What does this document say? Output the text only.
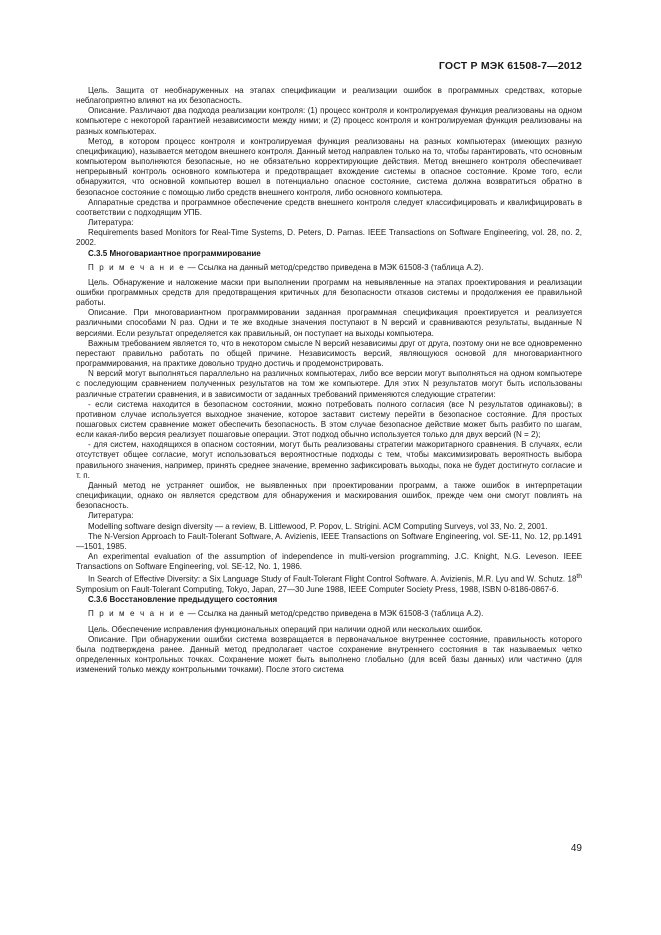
ГОСТ Р МЭК 61508-7—2012

Цель. Защита от необнаруженных на этапах спецификации и реализации ошибок в программных средствах, которые неблагоприятно влияют на их безопасность.

Описание. Различают два подхода реализации контроля: (1) процесс контроля и контролируемая функция реализованы на одном компьютере с некоторой гарантией независимости между ними; и (2) процесс контроля и контролируемая функция реализованы на разных компьютерах.

Метод, в котором процесс контроля и контролируемая функция реализованы на разных компьютерах (имеющих разную спецификацию), называется методом внешнего контроля. Данный метод направлен только на то, чтобы гарантировать, что основным компьютером выполняются безопасные, но не обязательно корректирующие действия. Метод внешнего контроля обеспечивает непрерывный контроль основного компьютера и предотвращает вхождение системы в опасное состояние. Кроме того, если обнаружится, что основной компьютер вошел в потенциально опасное состояние, система должна возвратиться обратно в безопасное состояние с помощью либо средств внешнего контроля, либо основного компьютера.

Аппаратные средства и программное обеспечение средств внешнего контроля следует классифицировать и квалифицировать в соответствии с подходящим УПБ.

Литература:

Requirements based Monitors for Real-Time Systems, D. Peters, D. Parnas. IEEE Transactions on Software Engineering, vol. 28, no. 2, 2002.

C.3.5 Многовариантное программирование

П р и м е ч а н и е — Ссылка на данный метод/средство приведена в МЭК 61508-3 (таблица А.2).

Цель. Обнаружение и наложение маски при выполнении программ на невыявленные на этапах проектирования и реализации ошибки программных средств для предотвращения критичных для безопасности отказов системы и продолжения ее правильной работы.

Описание. При многовариантном программировании заданная программная спецификация проектируется и реализуется различными способами N раз. Одни и те же входные значения поступают в N версий и сравниваются результаты, выданные N версиями. Если результат определяется как правильный, он поступает на выходы компьютера.

Важным требованием является то, что в некотором смысле N версий независимы друг от друга, поэтому они не все одновременно перестают правильно работать по общей причине. Независимость версий, являющуюся основой для многовариантного программирования, на практике довольно трудно достичь и продемонстрировать.

N версий могут выполняться параллельно на различных компьютерах, либо все версии могут выполняться на одном компьютере с последующим сравнением полученных результатов на том же компьютере. Для этих N результатов могут быть использованы различные стратегии сравнения, и в зависимости от заданных требований применяются следующие стратегии:

- если система находится в безопасном состоянии, можно потребовать полного согласия (все N результатов одинаковы); в противном случае используется выходное значение, которое заставит систему перейти в безопасное состояние. Для простых пошаговых систем сравнение может обеспечить безопасность. В этом случае безопасное действие может быть разбито по шагам, если какая-либо версия реализует пошаговые операции. Этот подход обычно используется только для двух версий (N = 2);

- для систем, находящихся в опасном состоянии, могут быть реализованы стратегии мажоритарного сравнения. В случаях, если отсутствует общее согласие, могут использоваться вероятностные подходы с тем, чтобы максимизировать вероятность выбора правильного значения, например, принять среднее значение, временно зафиксировать выходы, пока не будет достигнуто согласие и т. п.

Данный метод не устраняет ошибок, не выявленных при проектировании программ, а также ошибок в интерпретации спецификации, однако он является средством для обнаружения и маскирования ошибок, прежде чем они смогут повлиять на безопасность.

Литература:

Modelling software design diversity — a review, B. Littlewood, P. Popov, L. Strigini. ACM Computing Surveys, vol 33, No. 2, 2001.

The N-Version Approach to Fault-Tolerant Software, A. Avizienis, IEEE Transactions on Software Engineering, vol. SE-11, No. 12, pp.1491—1501, 1985.

An experimental evaluation of the assumption of independence in multi-version programming, J.C. Knight, N.G. Leveson. IEEE Transactions on Software Engineering, vol. SE-12, No. 1, 1986.

In Search of Effective Diversity: a Six Language Study of Fault-Tolerant Flight Control Software. A. Avizienis, M.R. Lyu and W. Schutz. 18th Symposium on Fault-Tolerant Computing, Tokyo, Japan, 27—30 June 1988, IEEE Computer Society Press, 1988, ISBN 0-8186-0867-6.

C.3.6 Восстановление предыдущего состояния

П р и м е ч а н и е — Ссылка на данный метод/средство приведена в МЭК 61508-3 (таблица А.2).

Цель. Обеспечение исправления функциональных операций при наличии одной или нескольких ошибок.

Описание. При обнаружении ошибки система возвращается в первоначальное внутреннее состояние, правильность которого была подтверждена ранее. Данный метод предполагает частое сохранение внутреннего состояния в так называемых четко определенных контрольных точках. Сохранение может быть выполнено глобально (для всей базы данных) или частично (для изменений только между контрольными точками). После этого система

49
